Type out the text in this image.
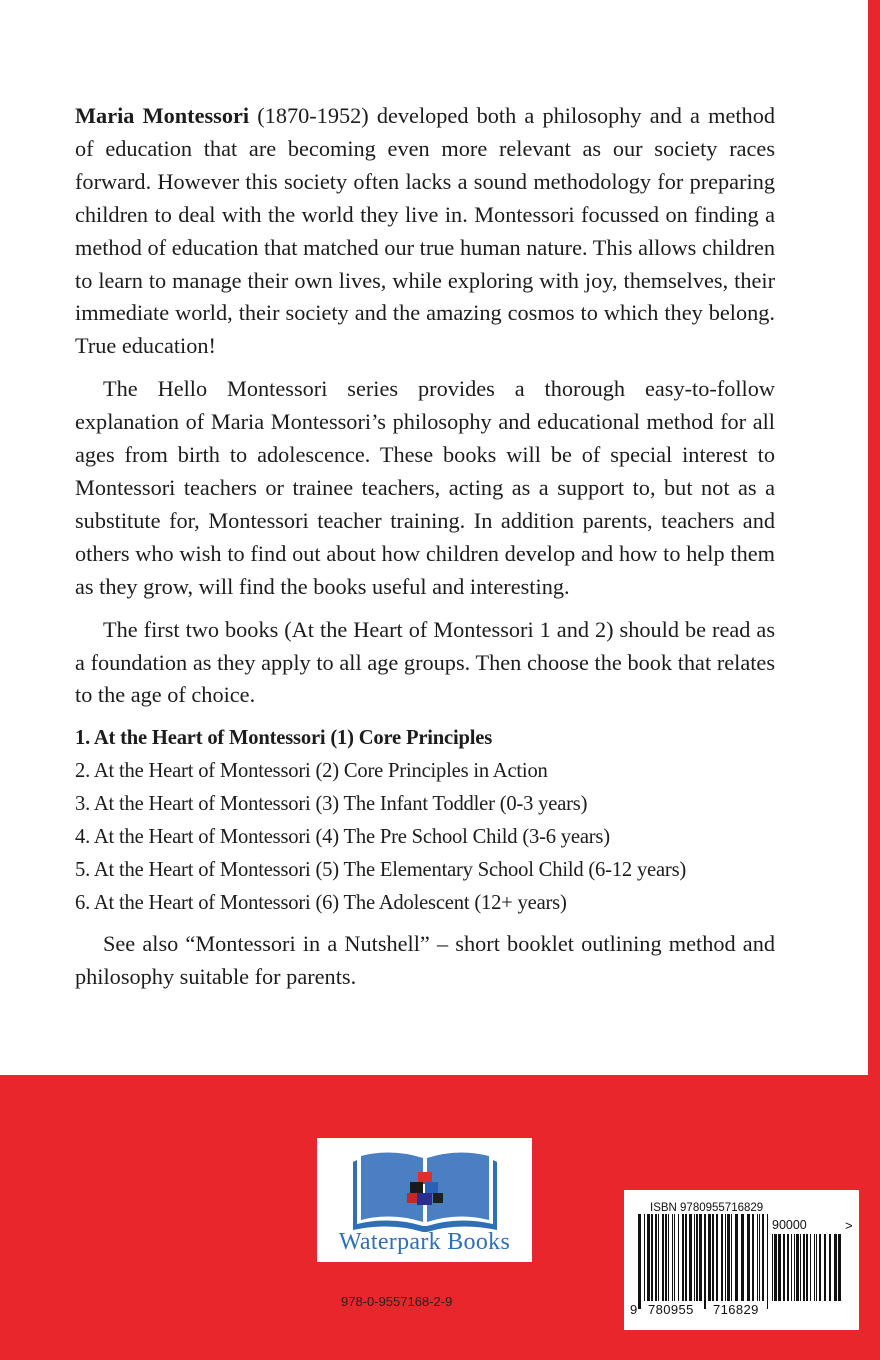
Maria Montessori (1870-1952) developed both a philosophy and a method of education that are becoming even more relevant as our society races forward. However this society often lacks a sound methodology for preparing children to deal with the world they live in. Montessori focussed on finding a method of education that matched our true human nature. This allows children to learn to manage their own lives, while exploring with joy, themselves, their immediate world, their society and the amazing cosmos to which they belong. True education!

The Hello Montessori series provides a thorough easy-to-follow explanation of Maria Montessori’s philosophy and educational method for all ages from birth to adolescence. These books will be of special interest to Montessori teachers or trainee teachers, acting as a support to, but not as a substitute for, Montessori teacher training. In addition parents, teachers and others who wish to find out about how children develop and how to help them as they grow, will find the books useful and interesting.

The first two books (At the Heart of Montessori 1 and 2) should be read as a foundation as they apply to all age groups. Then choose the book that relates to the age of choice.

1. At the Heart of Montessori (1) Core Principles
2. At the Heart of Montessori (2) Core Principles in Action
3. At the Heart of Montessori (3) The Infant Toddler (0-3 years)
4. At the Heart of Montessori (4) The Pre School Child (3-6 years)
5. At the Heart of Montessori (5) The Elementary School Child (6-12 years)
6. At the Heart of Montessori (6) The Adolescent (12+ years)

See also “Montessori in a Nutshell” – short booklet outlining method and philosophy suitable for parents.

Waterpark Books
978-0-9557168-2-9
ISBN 9780955716829
90000	>
9 780955 716829
